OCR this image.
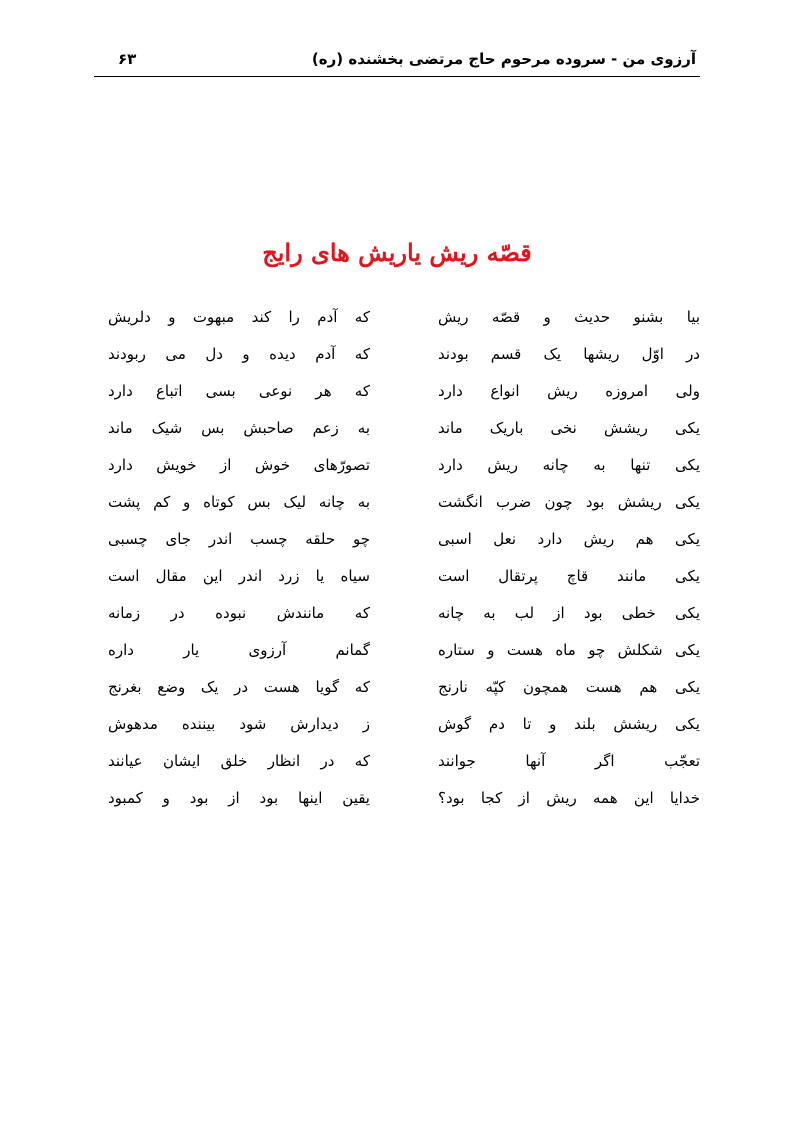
آرزوی من - سروده مرحوم حاج مرتضی بخشنده (ره)
۶۳
قصّه ریش یاریش های رایج
بیا بشنو حدیث و قصّه ریش
که آدم را کند مبهوت و دلریش
در اوّل ریشها یک قسم بودند
که آدم دیده و دل می ربودند
ولی امروزه ریش انواع دارد
که هر نوعی بسی اتباع دارد
یکی ریشش نخی باریک ماند
به زعم صاحبش بس شیک ماند
یکی تنها به چانه ریش دارد
تصورّهای خوش از خویش دارد
یکی ریشش بود چون ضرب انگشت
به چانه لیک بس کوتاه و کم پشت
یکی هم ریش دارد نعل اسبی
چو حلقه چسب اندر جای چسبی
یکی مانند قاچ پرتقال است
سیاه یا زرد اندر این مقال است
یکی خطی بود از لب به چانه
که مانندش نبوده در زمانه
یکی شکلش چو ماه هست و ستاره
گمانم آرزوی یار داره
یکی هم هست همچون کپّه نارنج
که گویا هست در یک وضع بغرنج
یکی ریشش بلند و تا دم گوش
ز دیدارش شود بیننده مدهوش
تعجّب اگر آنها جوانند
که در انظار خلق ایشان عیانند
خدایا این همه ریش از کجا بود؟
یقین اینها بود از بود و کمبود
